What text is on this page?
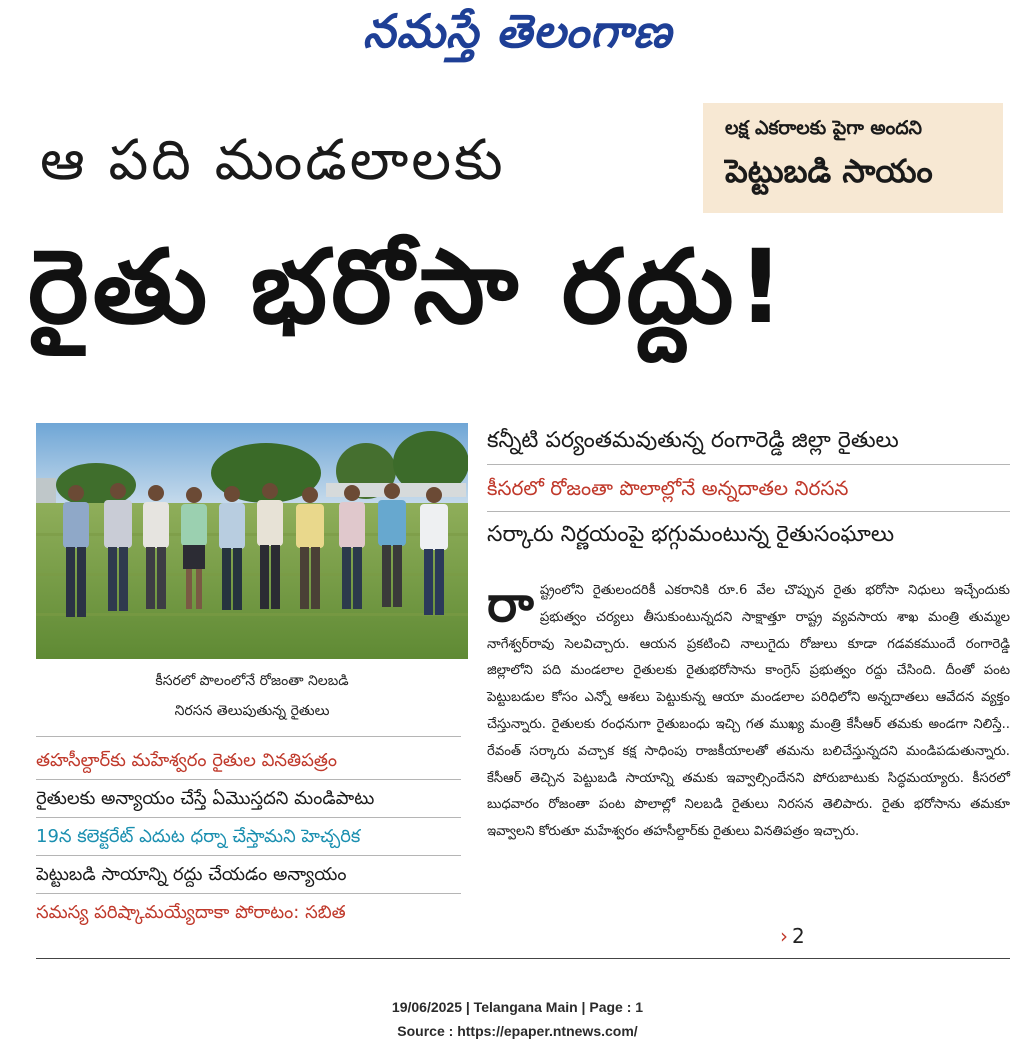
నమస్తే తెలంగాణ
ఆ పది మండలాలకు	లక్ష ఎకరాలకు పైగా అందని
పెట్టుబడి సాయం
రైతు భరోసా రద్దు!
కీసరలో పొలంలోనే రోజంతా నిలబడి
నిరసన తెలుపుతున్న రైతులు
తహసీల్దార్‌కు మహేశ్వరం రైతుల వినతిపత్రం
రైతులకు అన్యాయం చేస్తే ఏమొస్తదని మండిపాటు
19న కలెక్టరేట్ ఎదుట ధర్నా చేస్తామని హెచ్చరిక
పెట్టుబడి సాయాన్ని రద్దు చేయడం అన్యాయం
సమస్య పరిష్కామయ్యేదాకా పోరాటం: సబిత
కన్నీటి పర్యంతమవుతున్న రంగారెడ్డి జిల్లా రైతులు
కీసరలో రోజంతా పొలాల్లోనే అన్నదాతల నిరసన
సర్కారు నిర్ణయంపై భగ్గుమంటున్న రైతుసంఘాలు
రాష్ట్రంలోని రైతులందరికీ ఎకరానికి రూ.6 వేల చొప్పున రైతు భరోసా నిధులు ఇచ్చేందుకు ప్రభుత్వం చర్యలు తీసుకుంటున్నదని సాక్షాత్తూ రాష్ట్ర వ్యవసాయ శాఖ మంత్రి తుమ్మల నాగేశ్వర్‌రావు సెలవిచ్చారు. ఆయన ప్రకటించి నాలుగైదు రోజులు కూడా గడవకముందే రంగారెడ్డి జిల్లాలోని పది మండలాల రైతులకు రైతుభరోసాను కాంగ్రెస్ ప్రభుత్వం రద్దు చేసింది. దీంతో పంట పెట్టుబడుల కోసం ఎన్నో ఆశలు పెట్టుకున్న ఆయా మండలాల పరిధిలోని అన్నదాతలు ఆవేదన వ్యక్తం చేస్తున్నారు. రైతులకు రంధనుగా రైతుబంధు ఇచ్చి గత ముఖ్య మంత్రి కేసీఆర్ తమకు అండగా నిలిస్తే.. రేవంత్ సర్కారు వచ్చాక కక్ష సాధింపు రాజకీయాలతో తమను బలిచేస్తున్నదని మండిపడుతున్నారు. కేసీఆర్ తెచ్చిన పెట్టుబడి సాయాన్ని తమకు ఇవ్వాల్సిందేనని పోరుబాటుకు సిద్ధమయ్యారు. కీసరలో బుధవారం రోజంతా పంట పొలాల్లో నిలబడి రైతులు నిరసన తెలిపారు. రైతు భరోసాను తమకూ ఇవ్వాలని కోరుతూ మహేశ్వరం తహసీల్దార్‌కు రైతులు వినతిపత్రం ఇచ్చారు.
› 2
19/06/2025 | Telangana Main | Page : 1
Source : https://epaper.ntnews.com/
